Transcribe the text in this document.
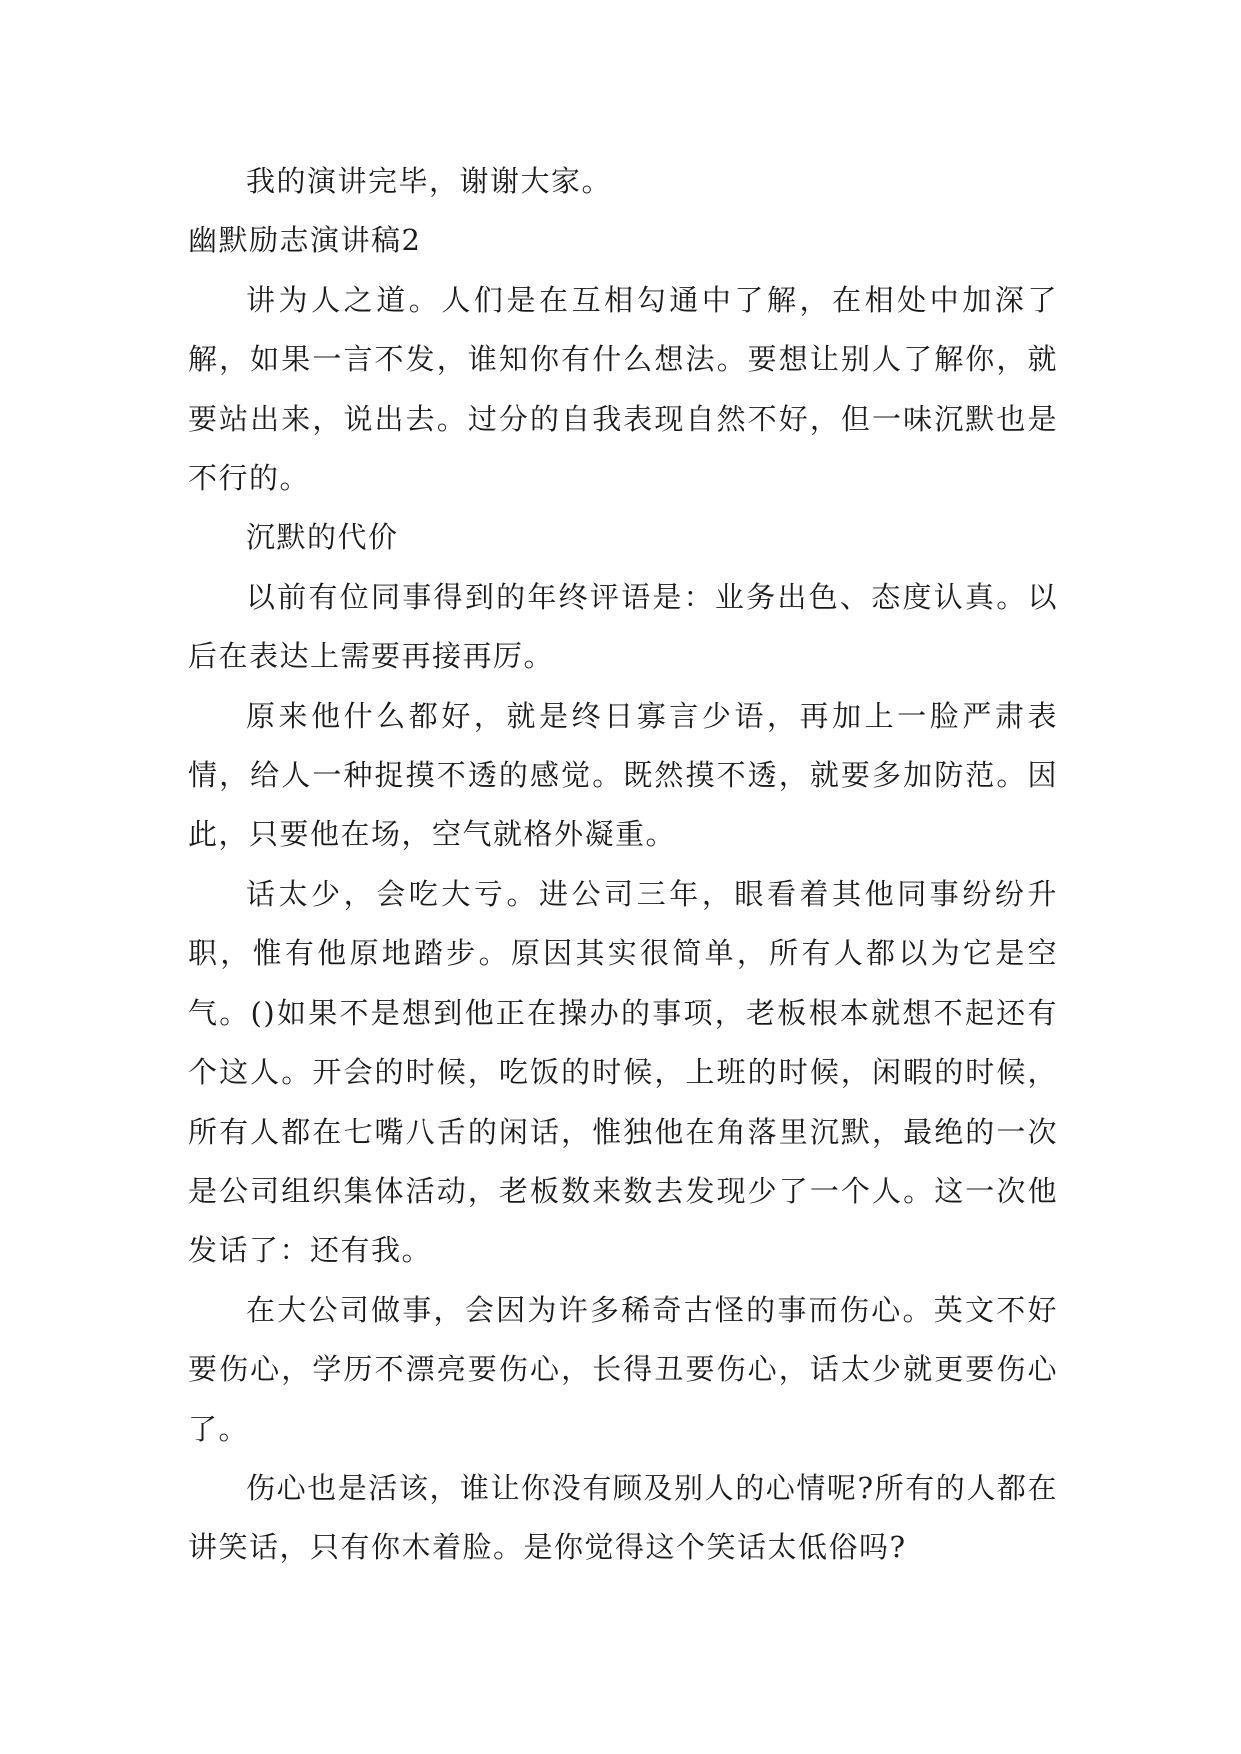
我的演讲完毕，谢谢大家。

幽默励志演讲稿2

讲为人之道。人们是在互相勾通中了解，在相处中加深了解，如果一言不发，谁知你有什么想法。要想让别人了解你，就要站出来，说出去。过分的自我表现自然不好，但一味沉默也是不行的。

沉默的代价

以前有位同事得到的年终评语是：业务出色、态度认真。以后在表达上需要再接再厉。

原来他什么都好，就是终日寡言少语，再加上一脸严肃表情，给人一种捉摸不透的感觉。既然摸不透，就要多加防范。因此，只要他在场，空气就格外凝重。

话太少，会吃大亏。进公司三年，眼看着其他同事纷纷升职，惟有他原地踏步。原因其实很简单，所有人都以为它是空气。()如果不是想到他正在操办的事项，老板根本就想不起还有个这人。开会的时候，吃饭的时候，上班的时候，闲暇的时候，所有人都在七嘴八舌的闲话，惟独他在角落里沉默，最绝的一次是公司组织集体活动，老板数来数去发现少了一个人。这一次他发话了：还有我。

在大公司做事，会因为许多稀奇古怪的事而伤心。英文不好要伤心，学历不漂亮要伤心，长得丑要伤心，话太少就更要伤心了。

伤心也是活该，谁让你没有顾及别人的心情呢?所有的人都在讲笑话，只有你木着脸。是你觉得这个笑话太低俗吗?
